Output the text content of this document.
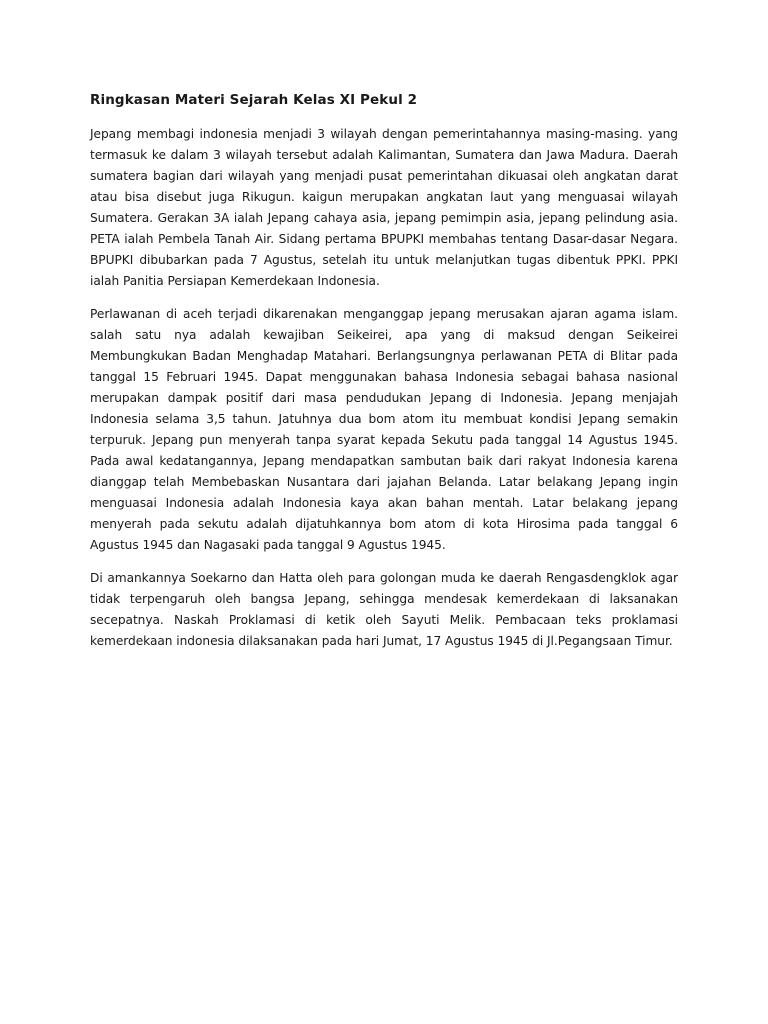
Ringkasan Materi Sejarah Kelas XI Pekul 2

Jepang membagi indonesia menjadi 3 wilayah dengan pemerintahannya masing-masing. yang termasuk ke dalam 3 wilayah tersebut adalah Kalimantan, Sumatera dan Jawa Madura. Daerah sumatera bagian dari wilayah yang menjadi pusat pemerintahan dikuasai oleh angkatan darat atau bisa disebut juga Rikugun. kaigun merupakan angkatan laut yang menguasai wilayah Sumatera. Gerakan 3A ialah Jepang cahaya asia, jepang pemimpin asia, jepang pelindung asia. PETA ialah Pembela Tanah Air. Sidang pertama BPUPKI membahas tentang Dasar-dasar Negara. BPUPKI dibubarkan pada 7 Agustus, setelah itu untuk melanjutkan tugas dibentuk PPKI. PPKI ialah Panitia Persiapan Kemerdekaan Indonesia.

Perlawanan di aceh terjadi dikarenakan menganggap jepang merusakan ajaran agama islam. salah satu nya adalah kewajiban Seikeirei, apa yang di maksud dengan Seikeirei Membungkukan Badan Menghadap Matahari. Berlangsungnya perlawanan PETA di Blitar pada tanggal 15 Februari 1945. Dapat menggunakan bahasa Indonesia sebagai bahasa nasional merupakan dampak positif dari masa pendudukan Jepang di Indonesia. Jepang menjajah Indonesia selama 3,5 tahun. Jatuhnya dua bom atom itu membuat kondisi Jepang semakin terpuruk. Jepang pun menyerah tanpa syarat kepada Sekutu pada tanggal 14 Agustus 1945. Pada awal kedatangannya, Jepang mendapatkan sambutan baik dari rakyat Indonesia karena dianggap telah Membebaskan Nusantara dari jajahan Belanda. Latar belakang Jepang ingin menguasai Indonesia adalah Indonesia kaya akan bahan mentah. Latar belakang jepang menyerah pada sekutu adalah dijatuhkannya bom atom di kota Hirosima pada tanggal 6 Agustus 1945 dan Nagasaki pada tanggal 9 Agustus 1945.

Di amankannya Soekarno dan Hatta oleh para golongan muda ke daerah Rengasdengklok agar tidak terpengaruh oleh bangsa Jepang, sehingga mendesak kemerdekaan di laksanakan secepatnya. Naskah Proklamasi di ketik oleh Sayuti Melik. Pembacaan teks proklamasi kemerdekaan indonesia dilaksanakan pada hari Jumat, 17 Agustus 1945 di Jl.Pegangsaan Timur.
